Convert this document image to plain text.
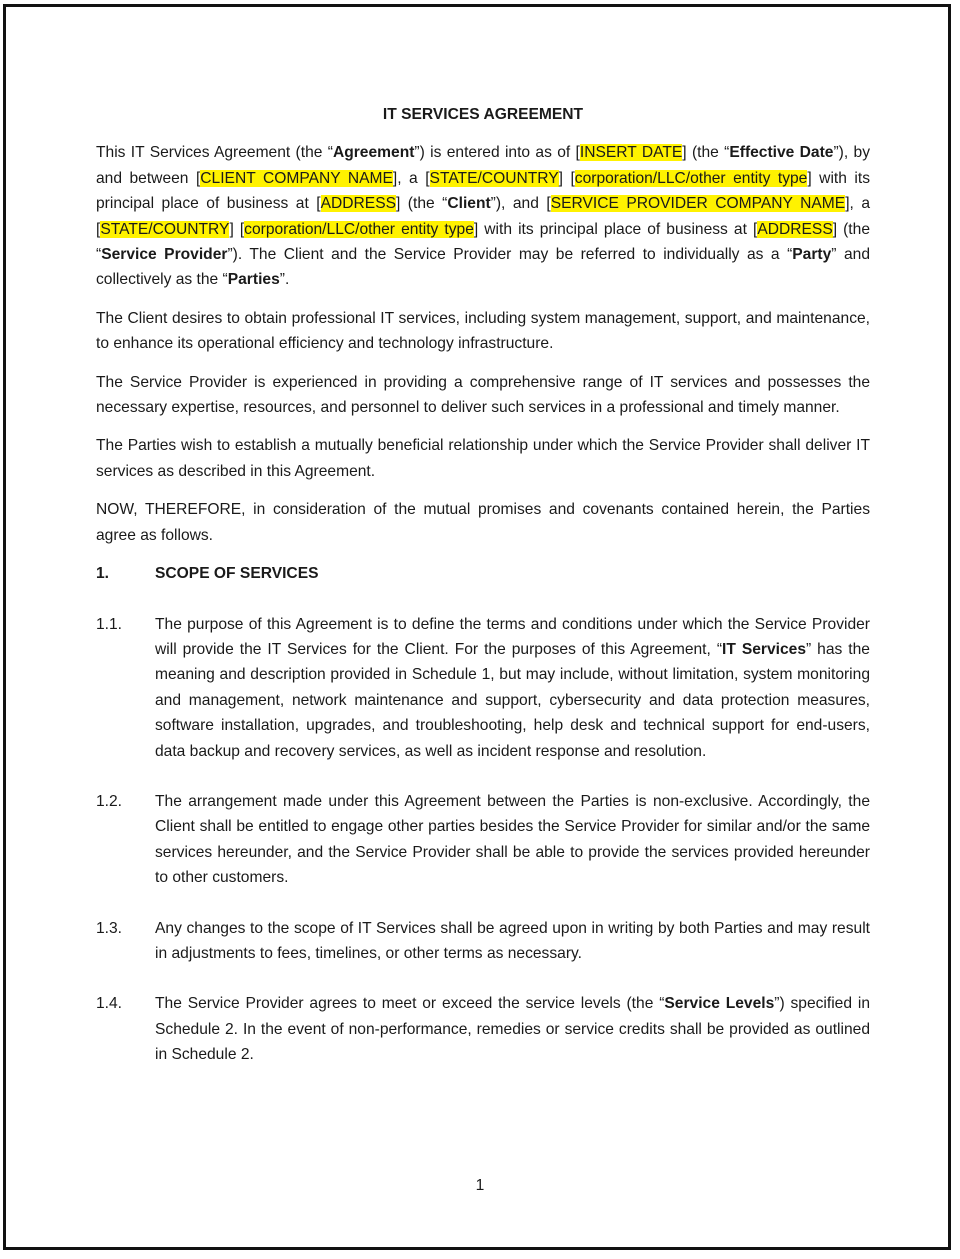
IT SERVICES AGREEMENT

This IT Services Agreement (the “Agreement”) is entered into as of [INSERT DATE] (the “Effective Date”), by and between [CLIENT COMPANY NAME], a [STATE/COUNTRY] [corporation/LLC/other entity type] with its principal place of business at [ADDRESS] (the “Client”), and [SERVICE PROVIDER COMPANY NAME], a [STATE/COUNTRY] [corporation/LLC/other entity type] with its principal place of business at [ADDRESS] (the “Service Provider”). The Client and the Service Provider may be referred to individually as a “Party” and collectively as the “Parties”.

The Client desires to obtain professional IT services, including system management, support, and maintenance, to enhance its operational efficiency and technology infrastructure.

The Service Provider is experienced in providing a comprehensive range of IT services and possesses the necessary expertise, resources, and personnel to deliver such services in a professional and timely manner.

The Parties wish to establish a mutually beneficial relationship under which the Service Provider shall deliver IT services as described in this Agreement.

NOW, THEREFORE, in consideration of the mutual promises and covenants contained herein, the Parties agree as follows.

1.	SCOPE OF SERVICES
1.1.	The purpose of this Agreement is to define the terms and conditions under which the Service Provider will provide the IT Services for the Client. For the purposes of this Agreement, “IT Services” has the meaning and description provided in Schedule 1, but may include, without limitation, system monitoring and management, network maintenance and support, cybersecurity and data protection measures, software installation, upgrades, and troubleshooting, help desk and technical support for end-users, data backup and recovery services, as well as incident response and resolution.
1.2.	The arrangement made under this Agreement between the Parties is non-exclusive. Accordingly, the Client shall be entitled to engage other parties besides the Service Provider for similar and/or the same services hereunder, and the Service Provider shall be able to provide the services provided hereunder to other customers.
1.3.	Any changes to the scope of IT Services shall be agreed upon in writing by both Parties and may result in adjustments to fees, timelines, or other terms as necessary.
1.4.	The Service Provider agrees to meet or exceed the service levels (the “Service Levels”) specified in Schedule 2. In the event of non-performance, remedies or service credits shall be provided as outlined in Schedule 2.
1
